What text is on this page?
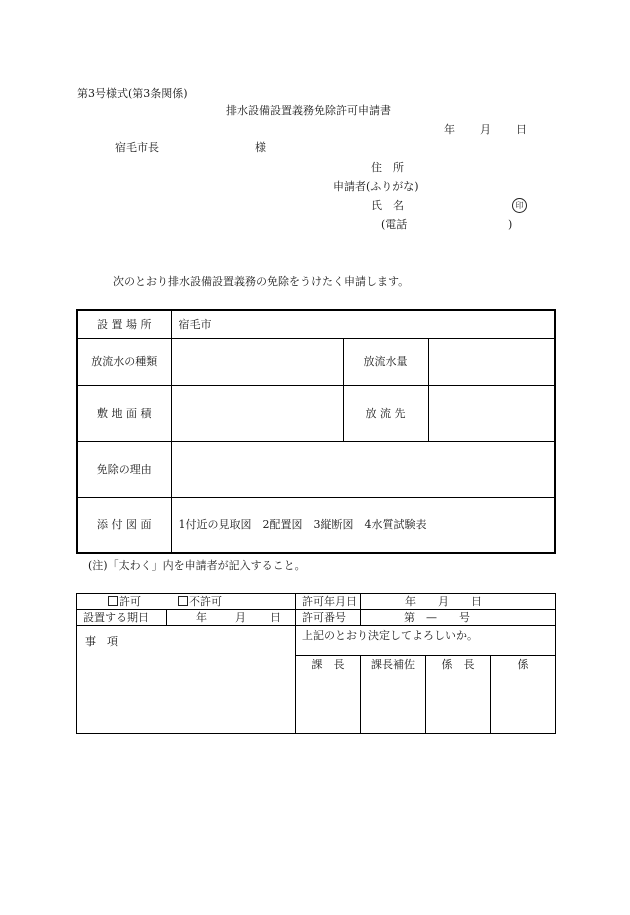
第3号様式(第3条関係)
排水設備設置義務免除許可申請書
年 月 日
宿毛市長	様
住　所
申請者(ふりがな)
氏　名	印
(電話	)
次のとおり排水設備設置義務の免除をうけたく申請します。
設 置 場 所	宿毛市		
放流水の種類		放流水量	
敷 地 面 積		放 流 先	
免除の理由			
添 付 図 面	1付近の見取図　2配置図　3縦断図　4水質試験表		
(注)「太わく」内を申請者が記入すること。
許可 不許可		許可年月日	年　　月　　日		
設置する期日	年 月 日	許可番号	第　—　　号		
事　項		上記のとおり決定してよろしいか。			
		課　長	課長補佐	係　長	係
